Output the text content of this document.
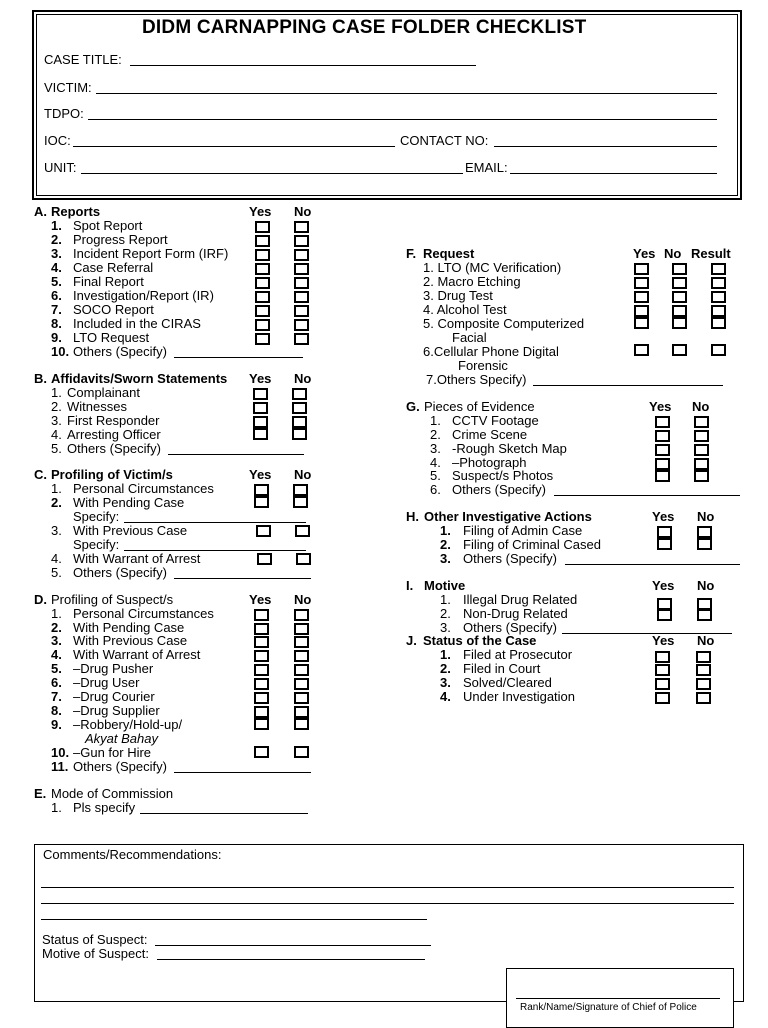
DIDM CARNAPPING CASE FOLDER CHECKLIST
CASE TITLE:
VICTIM:
TDPO:
IOC:	CONTACT NO:
UNIT:	EMAIL:
A. Reports	Yes No
1. Spot Report
2. Progress Report
3. Incident Report Form (IRF)
4. Case Referral
5. Final Report
6. Investigation/Report (IR)
7. SOCO Report
8. Included in the CIRAS
9. LTO Request
10. Others (Specify)
B. Affidavits/Sworn Statements Yes No
1. Complainant
2. Witnesses
3. First Responder
4. Arresting Officer
5. Others (Specify)
C. Profiling of Victim/s	Yes No
1. Personal Circumstances
2. With Pending Case
Specify:
3. With Previous Case
Specify:
4. With Warrant of Arrest
5. Others (Specify)
D. Profiling of Suspect/s	Yes No
1. Personal Circumstances
2. With Pending Case
3. With Previous Case
4. With Warrant of Arrest
5. –Drug Pusher
6. –Drug User
7. –Drug Courier
8. –Drug Supplier
9. –Robbery/Hold-up/
Akyat Bahay
10. –Gun for Hire
11. Others (Specify)
E. Mode of Commission
1. Pls specify
F. Request	Yes No Result
1. LTO (MC Verification)
2. Macro Etching
3. Drug Test
4. Alcohol Test
5. Composite Computerized
Facial
6.Cellular Phone Digital
Forensic
7.Others Specify)
G. Pieces of Evidence	Yes No
1. CCTV Footage
2. Crime Scene
3. -Rough Sketch Map
4. –Photograph
5. Suspect/s Photos
6. Others (Specify)
H. Other Investigative Actions	Yes No
1. Filing of Admin Case
2. Filing of Criminal Cased
3. Others (Specify)
I. Motive	Yes No
1. Illegal Drug Related
2. Non-Drug Related
3. Others (Specify)
J. Status of the Case	Yes No
1. Filed at Prosecutor
2. Filed in Court
3. Solved/Cleared
4. Under Investigation
Comments/Recommendations:
Status of Suspect:
Motive of Suspect:
Rank/Name/Signature of Chief of Police
